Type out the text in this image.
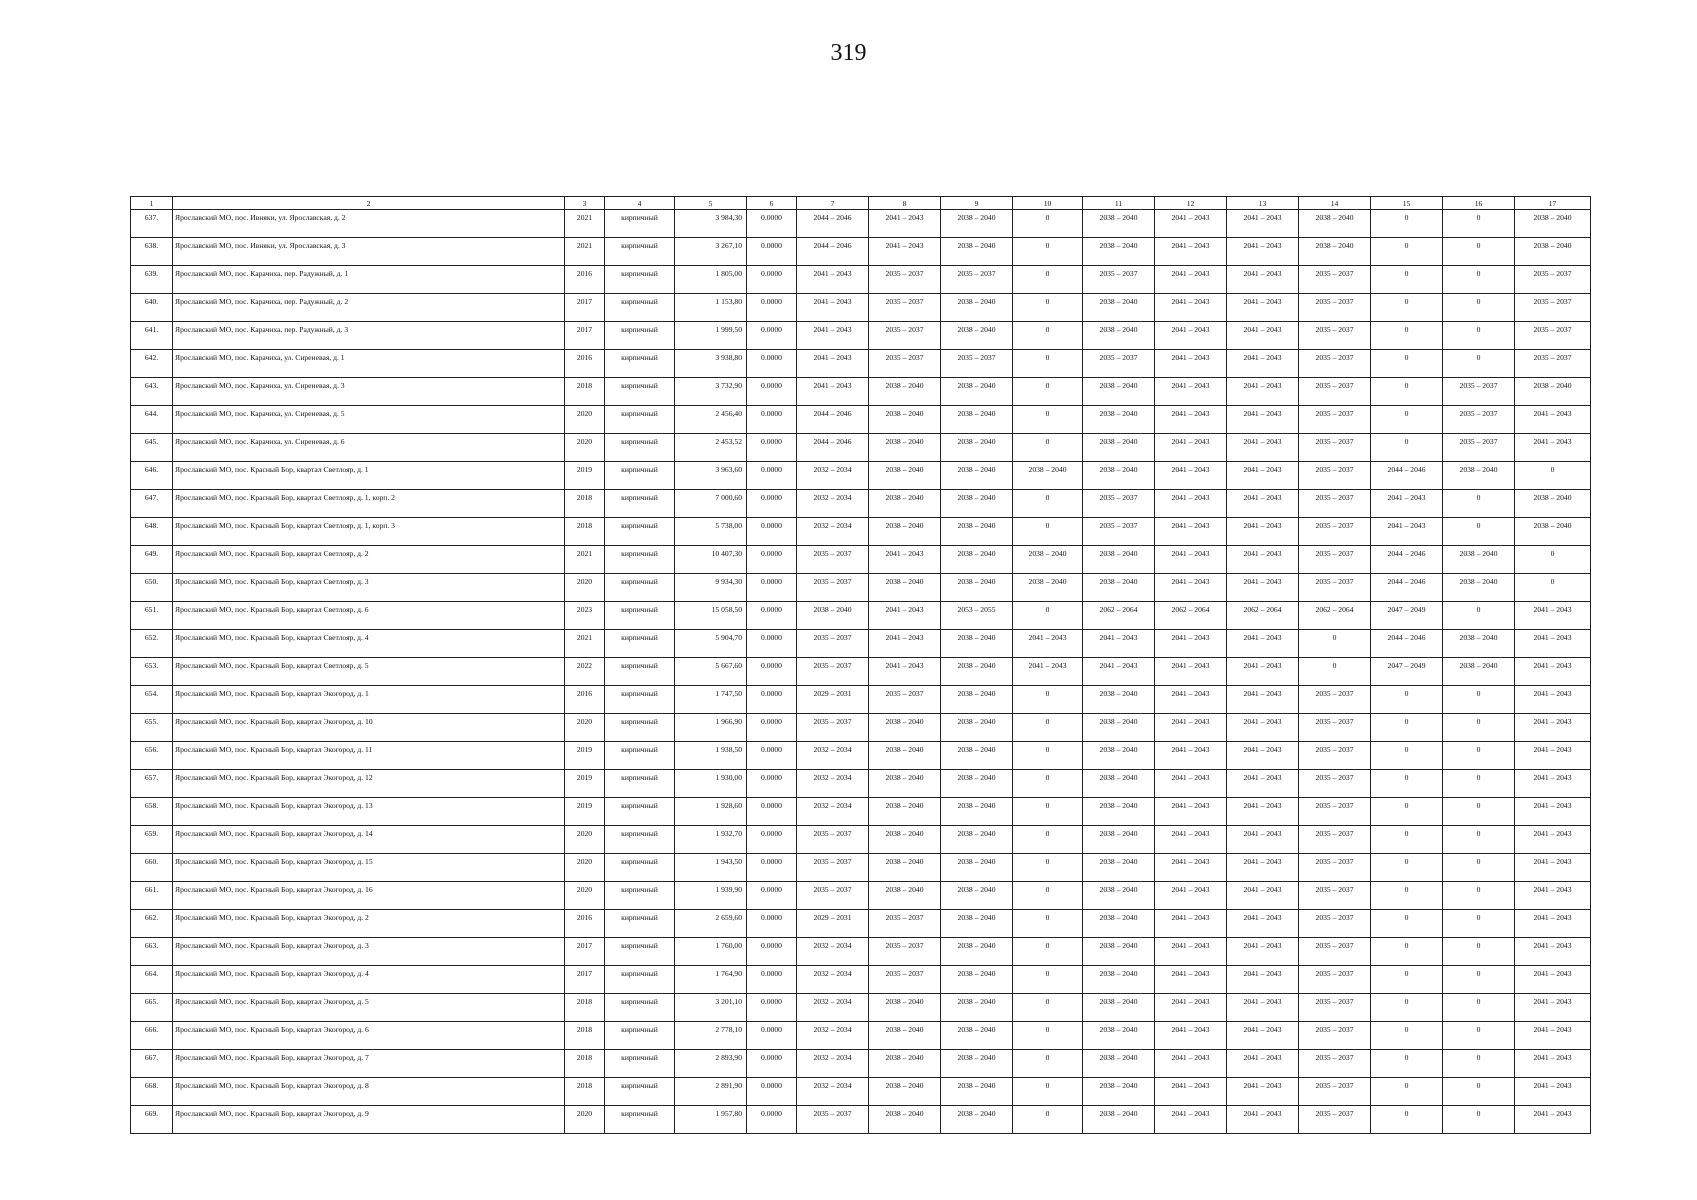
319
1	2	3	4	5	6	7	8	9	10	11	12	13	14	15	16	17
637.	Ярославский МО, пос. Ивняки, ул. Ярославская, д. 2	2021	кирпичный	3 984,30	0.0000	2044 – 2046	2041 – 2043	2038 – 2040	0	2038 – 2040	2041 – 2043	2041 – 2043	2038 – 2040	0	0	2038 – 2040
638.	Ярославский МО, пос. Ивняки, ул. Ярославская, д. 3	2021	кирпичный	3 267,10	0.0000	2044 – 2046	2041 – 2043	2038 – 2040	0	2038 – 2040	2041 – 2043	2041 – 2043	2038 – 2040	0	0	2038 – 2040
639.	Ярославский МО, пос. Карачиха, пер. Радужный, д. 1	2016	кирпичный	1 805,00	0.0000	2041 – 2043	2035 – 2037	2035 – 2037	0	2035 – 2037	2041 – 2043	2041 – 2043	2035 – 2037	0	0	2035 – 2037
640.	Ярославский МО, пос. Карачиха, пер. Радужный, д. 2	2017	кирпичный	1 153,80	0.0000	2041 – 2043	2035 – 2037	2038 – 2040	0	2038 – 2040	2041 – 2043	2041 – 2043	2035 – 2037	0	0	2035 – 2037
641.	Ярославский МО, пос. Карачиха, пер. Радужный, д. 3	2017	кирпичный	1 999,50	0.0000	2041 – 2043	2035 – 2037	2038 – 2040	0	2038 – 2040	2041 – 2043	2041 – 2043	2035 – 2037	0	0	2035 – 2037
642.	Ярославский МО, пос. Карачиха, ул. Сиреневая, д. 1	2016	кирпичный	3 938,80	0.0000	2041 – 2043	2035 – 2037	2035 – 2037	0	2035 – 2037	2041 – 2043	2041 – 2043	2035 – 2037	0	0	2035 – 2037
643.	Ярославский МО, пос. Карачиха, ул. Сиреневая, д. 3	2018	кирпичный	3 732,90	0.0000	2041 – 2043	2038 – 2040	2038 – 2040	0	2038 – 2040	2041 – 2043	2041 – 2043	2035 – 2037	0	2035 – 2037	2038 – 2040
644.	Ярославский МО, пос. Карачиха, ул. Сиреневая, д. 5	2020	кирпичный	2 456,40	0.0000	2044 – 2046	2038 – 2040	2038 – 2040	0	2038 – 2040	2041 – 2043	2041 – 2043	2035 – 2037	0	2035 – 2037	2041 – 2043
645.	Ярославский МО, пос. Карачиха, ул. Сиреневая, д. 6	2020	кирпичный	2 453,52	0.0000	2044 – 2046	2038 – 2040	2038 – 2040	0	2038 – 2040	2041 – 2043	2041 – 2043	2035 – 2037	0	2035 – 2037	2041 – 2043
646.	Ярославский МО, пос. Красный Бор, квартал Светлояр, д. 1	2019	кирпичный	3 963,60	0.0000	2032 – 2034	2038 – 2040	2038 – 2040	2038 – 2040	2038 – 2040	2041 – 2043	2041 – 2043	2035 – 2037	2044 – 2046	2038 – 2040	0
647.	Ярославский МО, пос. Красный Бор, квартал Светлояр, д. 1, корп. 2	2018	кирпичный	7 000,60	0.0000	2032 – 2034	2038 – 2040	2038 – 2040	0	2035 – 2037	2041 – 2043	2041 – 2043	2035 – 2037	2041 – 2043	0	2038 – 2040
648.	Ярославский МО, пос. Красный Бор, квартал Светлояр, д. 1, корп. 3	2018	кирпичный	5 738,00	0.0000	2032 – 2034	2038 – 2040	2038 – 2040	0	2035 – 2037	2041 – 2043	2041 – 2043	2035 – 2037	2041 – 2043	0	2038 – 2040
649.	Ярославский МО, пос. Красный Бор, квартал Светлояр, д. 2	2021	кирпичный	10 407,30	0.0000	2035 – 2037	2041 – 2043	2038 – 2040	2038 – 2040	2038 – 2040	2041 – 2043	2041 – 2043	2035 – 2037	2044 – 2046	2038 – 2040	0
650.	Ярославский МО, пос. Красный Бор, квартал Светлояр, д. 3	2020	кирпичный	9 934,30	0.0000	2035 – 2037	2038 – 2040	2038 – 2040	2038 – 2040	2038 – 2040	2041 – 2043	2041 – 2043	2035 – 2037	2044 – 2046	2038 – 2040	0
651.	Ярославский МО, пос. Красный Бор, квартал Светлояр, д. 6	2023	кирпичный	15 058,50	0.0000	2038 – 2040	2041 – 2043	2053 – 2055	0	2062 – 2064	2062 – 2064	2062 – 2064	2062 – 2064	2047 – 2049	0	2041 – 2043
652.	Ярославский МО, пос. Красный Бор, квартал Светлояр, д. 4	2021	кирпичный	5 904,70	0.0000	2035 – 2037	2041 – 2043	2038 – 2040	2041 – 2043	2041 – 2043	2041 – 2043	2041 – 2043	0	2044 – 2046	2038 – 2040	2041 – 2043
653.	Ярославский МО, пос. Красный Бор, квартал Светлояр, д. 5	2022	кирпичный	5 667,60	0.0000	2035 – 2037	2041 – 2043	2038 – 2040	2041 – 2043	2041 – 2043	2041 – 2043	2041 – 2043	0	2047 – 2049	2038 – 2040	2041 – 2043
654.	Ярославский МО, пос. Красный Бор, квартал Экогород, д. 1	2016	кирпичный	1 747,50	0.0000	2029 – 2031	2035 – 2037	2038 – 2040	0	2038 – 2040	2041 – 2043	2041 – 2043	2035 – 2037	0	0	2041 – 2043
655.	Ярославский МО, пос. Красный Бор, квартал Экогород, д. 10	2020	кирпичный	1 966,90	0.0000	2035 – 2037	2038 – 2040	2038 – 2040	0	2038 – 2040	2041 – 2043	2041 – 2043	2035 – 2037	0	0	2041 – 2043
656.	Ярославский МО, пос. Красный Бор, квартал Экогород, д. 11	2019	кирпичный	1 938,50	0.0000	2032 – 2034	2038 – 2040	2038 – 2040	0	2038 – 2040	2041 – 2043	2041 – 2043	2035 – 2037	0	0	2041 – 2043
657.	Ярославский МО, пос. Красный Бор, квартал Экогород, д. 12	2019	кирпичный	1 930,00	0.0000	2032 – 2034	2038 – 2040	2038 – 2040	0	2038 – 2040	2041 – 2043	2041 – 2043	2035 – 2037	0	0	2041 – 2043
658.	Ярославский МО, пос. Красный Бор, квартал Экогород, д. 13	2019	кирпичный	1 928,60	0.0000	2032 – 2034	2038 – 2040	2038 – 2040	0	2038 – 2040	2041 – 2043	2041 – 2043	2035 – 2037	0	0	2041 – 2043
659.	Ярославский МО, пос. Красный Бор, квартал Экогород, д. 14	2020	кирпичный	1 932,70	0.0000	2035 – 2037	2038 – 2040	2038 – 2040	0	2038 – 2040	2041 – 2043	2041 – 2043	2035 – 2037	0	0	2041 – 2043
660.	Ярославский МО, пос. Красный Бор, квартал Экогород, д. 15	2020	кирпичный	1 943,50	0.0000	2035 – 2037	2038 – 2040	2038 – 2040	0	2038 – 2040	2041 – 2043	2041 – 2043	2035 – 2037	0	0	2041 – 2043
661.	Ярославский МО, пос. Красный Бор, квартал Экогород, д. 16	2020	кирпичный	1 939,90	0.0000	2035 – 2037	2038 – 2040	2038 – 2040	0	2038 – 2040	2041 – 2043	2041 – 2043	2035 – 2037	0	0	2041 – 2043
662.	Ярославский МО, пос. Красный Бор, квартал Экогород, д. 2	2016	кирпичный	2 659,60	0.0000	2029 – 2031	2035 – 2037	2038 – 2040	0	2038 – 2040	2041 – 2043	2041 – 2043	2035 – 2037	0	0	2041 – 2043
663.	Ярославский МО, пос. Красный Бор, квартал Экогород, д. 3	2017	кирпичный	1 760,00	0.0000	2032 – 2034	2035 – 2037	2038 – 2040	0	2038 – 2040	2041 – 2043	2041 – 2043	2035 – 2037	0	0	2041 – 2043
664.	Ярославский МО, пос. Красный Бор, квартал Экогород, д. 4	2017	кирпичный	1 764,90	0.0000	2032 – 2034	2035 – 2037	2038 – 2040	0	2038 – 2040	2041 – 2043	2041 – 2043	2035 – 2037	0	0	2041 – 2043
665.	Ярославский МО, пос. Красный Бор, квартал Экогород, д. 5	2018	кирпичный	3 201,10	0.0000	2032 – 2034	2038 – 2040	2038 – 2040	0	2038 – 2040	2041 – 2043	2041 – 2043	2035 – 2037	0	0	2041 – 2043
666.	Ярославский МО, пос. Красный Бор, квартал Экогород, д. 6	2018	кирпичный	2 778,10	0.0000	2032 – 2034	2038 – 2040	2038 – 2040	0	2038 – 2040	2041 – 2043	2041 – 2043	2035 – 2037	0	0	2041 – 2043
667.	Ярославский МО, пос. Красный Бор, квартал Экогород, д. 7	2018	кирпичный	2 893,90	0.0000	2032 – 2034	2038 – 2040	2038 – 2040	0	2038 – 2040	2041 – 2043	2041 – 2043	2035 – 2037	0	0	2041 – 2043
668.	Ярославский МО, пос. Красный Бор, квартал Экогород, д. 8	2018	кирпичный	2 891,90	0.0000	2032 – 2034	2038 – 2040	2038 – 2040	0	2038 – 2040	2041 – 2043	2041 – 2043	2035 – 2037	0	0	2041 – 2043
669.	Ярославский МО, пос. Красный Бор, квартал Экогород, д. 9	2020	кирпичный	1 957,80	0.0000	2035 – 2037	2038 – 2040	2038 – 2040	0	2038 – 2040	2041 – 2043	2041 – 2043	2035 – 2037	0	0	2041 – 2043
